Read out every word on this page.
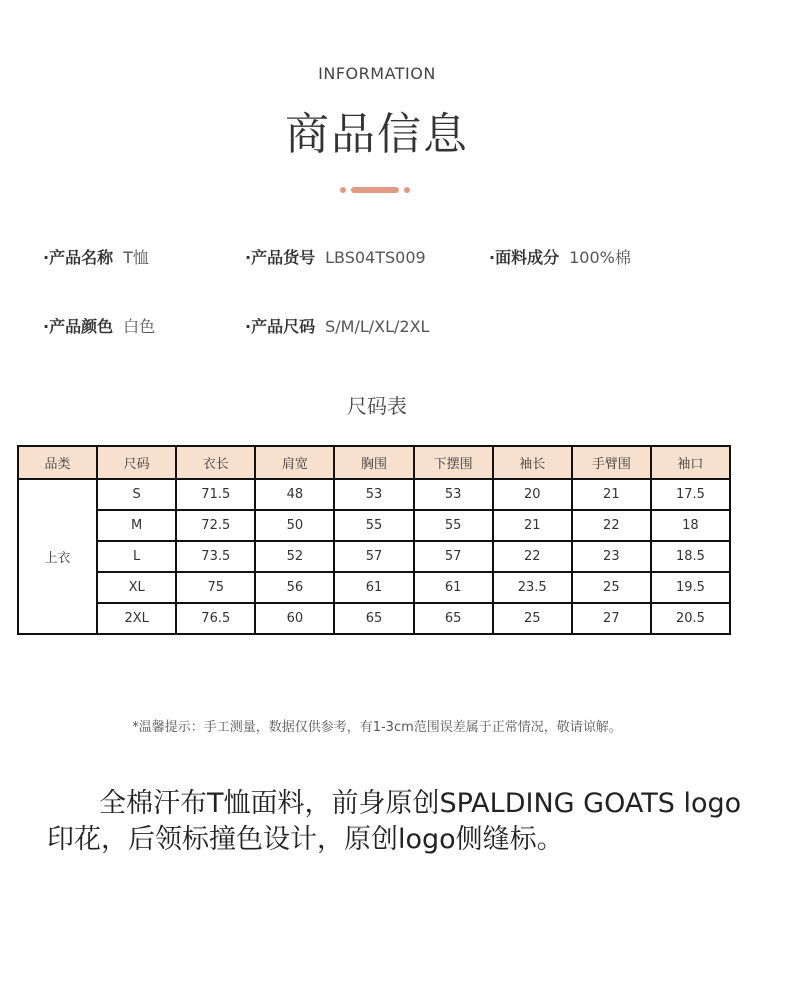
INFORMATION
商品信息
·产品名称 T恤	·产品货号 LBS04TS009	·面料成分 100%棉
·产品颜色 白色	·产品尺码 S/M/L/XL/2XL
尺码表
品类	尺码	衣长	肩宽	胸围	下摆围	袖长	手臂围	袖口
上衣	S	71.5	48	53	53	20	21	17.5
	M	72.5	50	55	55	21	22	18
	L	73.5	52	57	57	22	23	18.5
	XL	75	56	61	61	23.5	25	19.5
	2XL	76.5	60	65	65	25	27	20.5
*温馨提示：手工测量，数据仅供参考，有1-3cm范围误差属于正常情况，敬请谅解。
全棉汗布T恤面料，前身原创SPALDING GOATS logo印花，后领标撞色设计，原创logo侧缝标。
